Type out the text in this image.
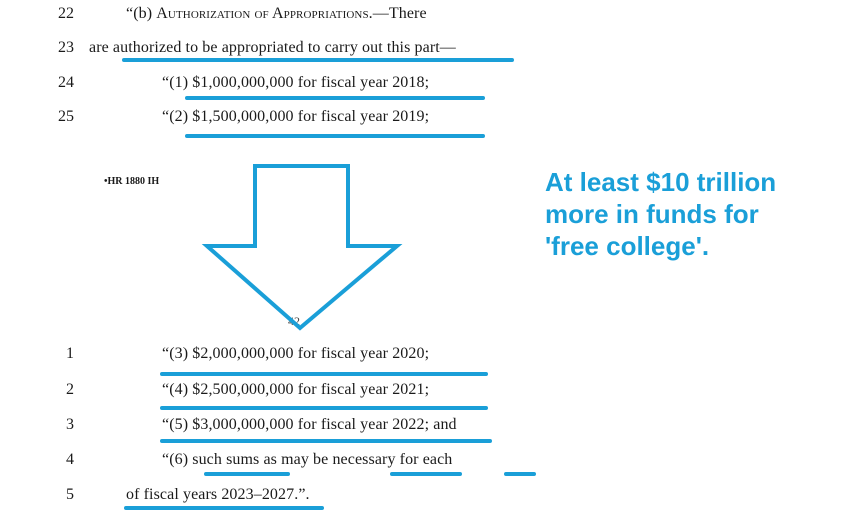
22	“(b) Authorization of Appropriations.—There
23 are authorized to be appropriated to carry out this part—
24	“(1) $1,000,000,000 for fiscal year 2018;
25	“(2) $1,500,000,000 for fiscal year 2019;
•HR 1880 IH
42
At least $10 trillion more in funds for 'free college'.
1	“(3) $2,000,000,000 for fiscal year 2020;
2	“(4) $2,500,000,000 for fiscal year 2021;
3	“(5) $3,000,000,000 for fiscal year 2022; and
4	“(6) such sums as may be necessary for each
5	of fiscal years 2023–2027.”.
